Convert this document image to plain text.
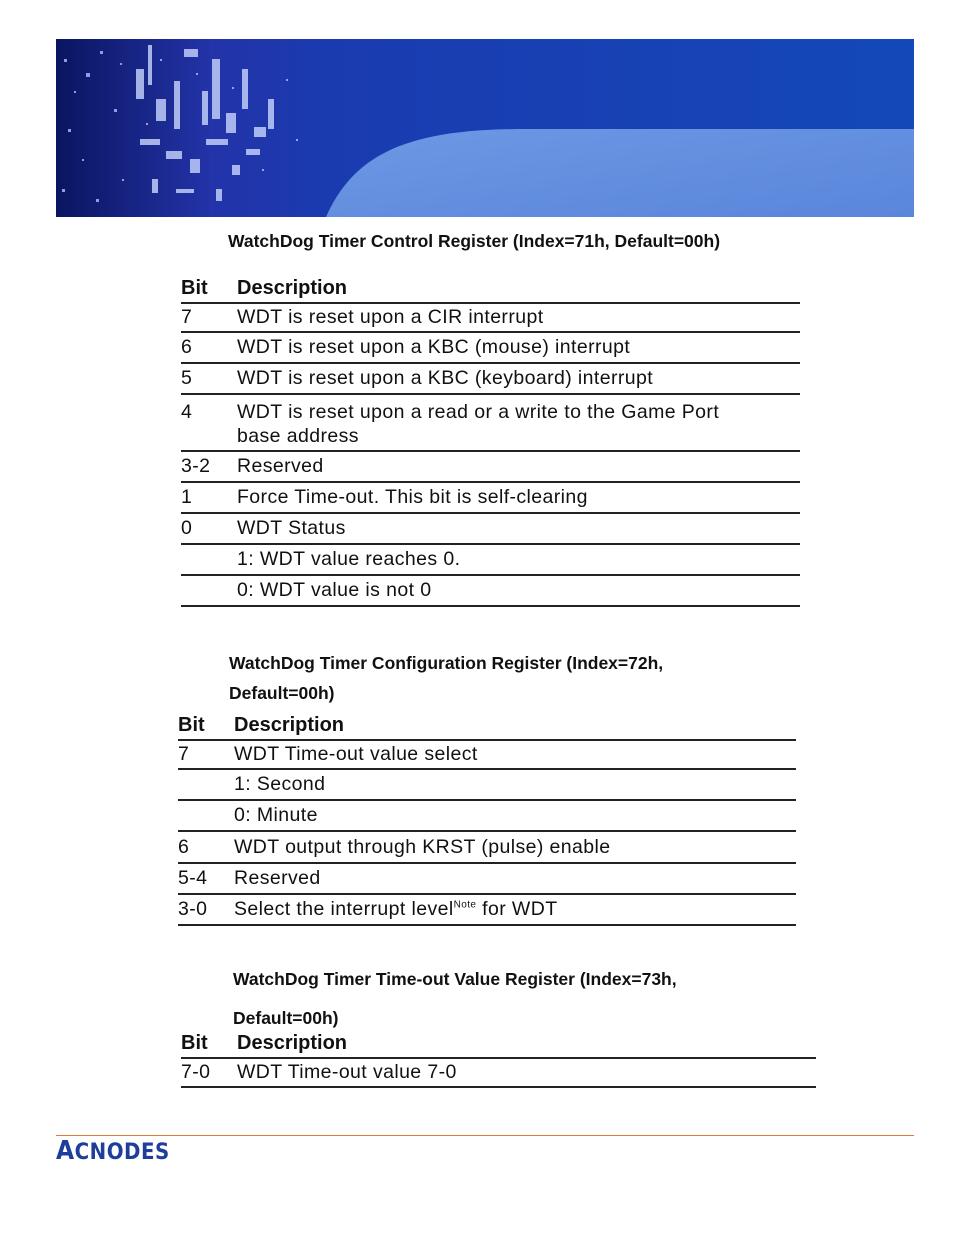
WatchDog Timer Control Register (Index=71h, Default=00h)
Bit	Description
7	WDT is reset upon a CIR interrupt
6	WDT is reset upon a KBC (mouse) interrupt
5	WDT is reset upon a KBC (keyboard) interrupt
4	WDT is reset upon a read or a write to the Game Port
base address
3-2	Reserved
1	Force Time-out. This bit is self-clearing
0	WDT Status
1: WDT value reaches 0.
0: WDT value is not 0
WatchDog Timer Configuration Register (Index=72h,
Default=00h)
Bit	Description
7	WDT Time-out value select
1: Second
0: Minute
6	WDT output through KRST (pulse) enable
5-4	Reserved
3-0	Select the interrupt level$^{Note}$ for WDT
WatchDog Timer Time-out Value Register (Index=73h,
Default=00h)
Bit	Description
7-0	WDT Time-out value 7-0
ACNODES
